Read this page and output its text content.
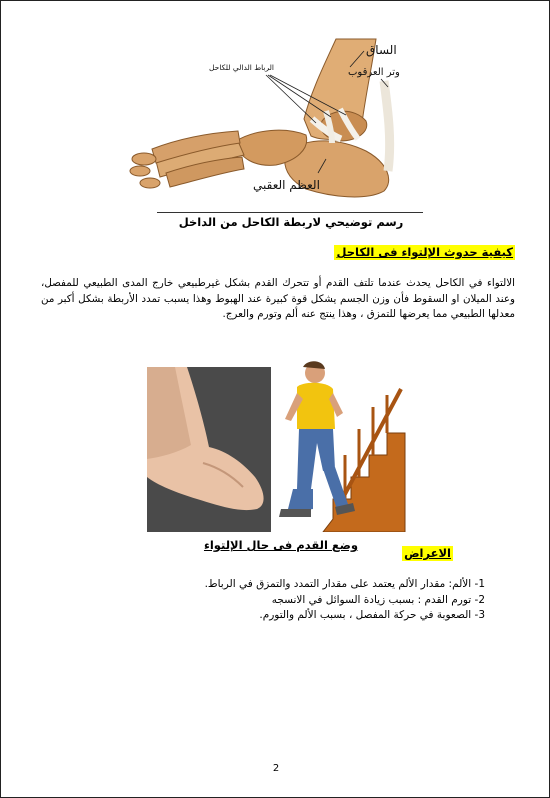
الساق
وتر العرقوب
الرباط الدالي للكاحل
العظم العقبي
رسم توضيحي لاربطة الكاحل من الداخل
كيفية حدوث الإلتواء فى الكاحل

الالتواء في الكاحل يحدث عندما تلتف القدم أو تتحرك القدم بشكل غيرطبيعي خارج المدى الطبيعي للمفصل، وعند الميلان او السقوط فأن وزن الجسم يشكل قوة كبيرة عند الهبوط وهذا يسبب تمدد الأربطة بشكل أكبر من معدلها الطبيعي مما يعرضها للتمزق ، وهذا ينتج عنه ألم وتورم والعرج.

وضع القدم فى حال الإلتواء
الاعراض
1- الألم: مقدار الألم يعتمد على مقدار التمدد والتمزق في الرباط.
2- تورم القدم : بسبب زيادة السوائل في الانسجه
3- الصعوبة في حركة المفصل ، بسبب الألم والتورم.
2
